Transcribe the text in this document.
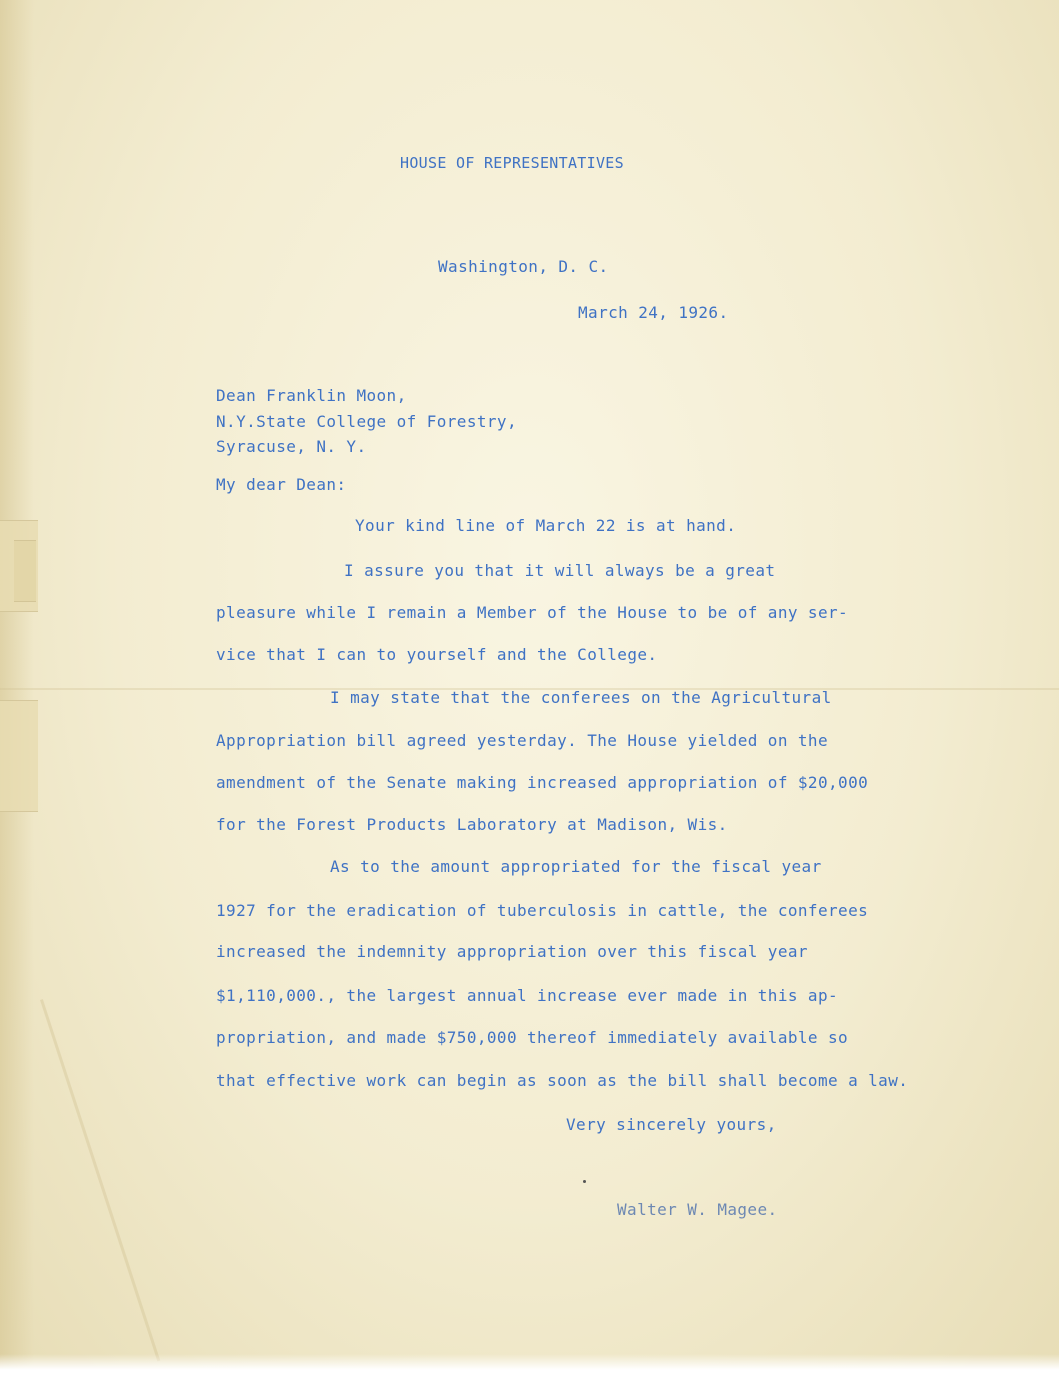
HOUSE OF REPRESENTATIVES
Washington, D. C.
March 24, 1926.
Dean Franklin Moon,
N.Y.State College of Forestry,
Syracuse, N. Y.
My dear Dean:
Your kind line of March 22 is at hand.
I assure you that it will always be a great
pleasure while I remain a Member of the House to be of any ser-
vice that I can to yourself and the College.
I may state that the conferees on the Agricultural
Appropriation bill agreed yesterday. The House yielded on the
amendment of the Senate making increased appropriation of $20,000
for the Forest Products Laboratory at Madison, Wis.
As to the amount appropriated for the fiscal year
1927 for the eradication of tuberculosis in cattle, the conferees
increased the indemnity appropriation over this fiscal year
$1,110,000., the largest annual increase ever made in this ap-
propriation, and made $750,000 thereof immediately available so
that effective work can begin as soon as the bill shall become a law.
Very sincerely yours,
Walter W. Magee.
